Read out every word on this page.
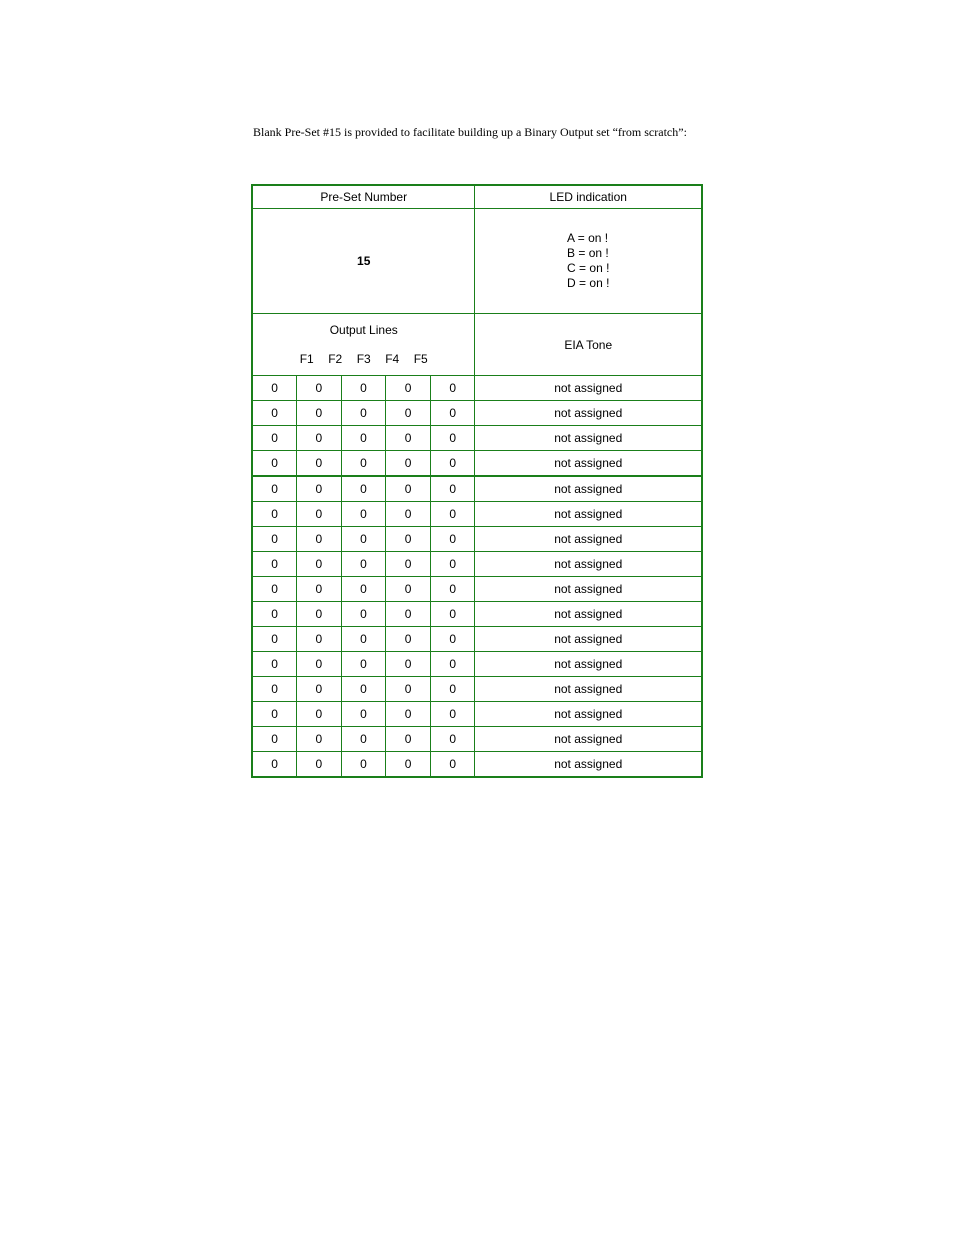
Blank Pre-Set #15 is provided to facilitate building up a Binary Output set “from scratch”:

Pre-Set Number					LED indication
15					A = on !
B = on !
C = on !
D = on !

Output Lines
F1 F2 F3 F4 F5					EIA Tone
0	0	0	0	0	not assigned
0	0	0	0	0	not assigned
0	0	0	0	0	not assigned
0	0	0	0	0	not assigned
0	0	0	0	0	not assigned
0	0	0	0	0	not assigned
0	0	0	0	0	not assigned
0	0	0	0	0	not assigned
0	0	0	0	0	not assigned
0	0	0	0	0	not assigned
0	0	0	0	0	not assigned
0	0	0	0	0	not assigned
0	0	0	0	0	not assigned
0	0	0	0	0	not assigned
0	0	0	0	0	not assigned
0	0	0	0	0	not assigned
